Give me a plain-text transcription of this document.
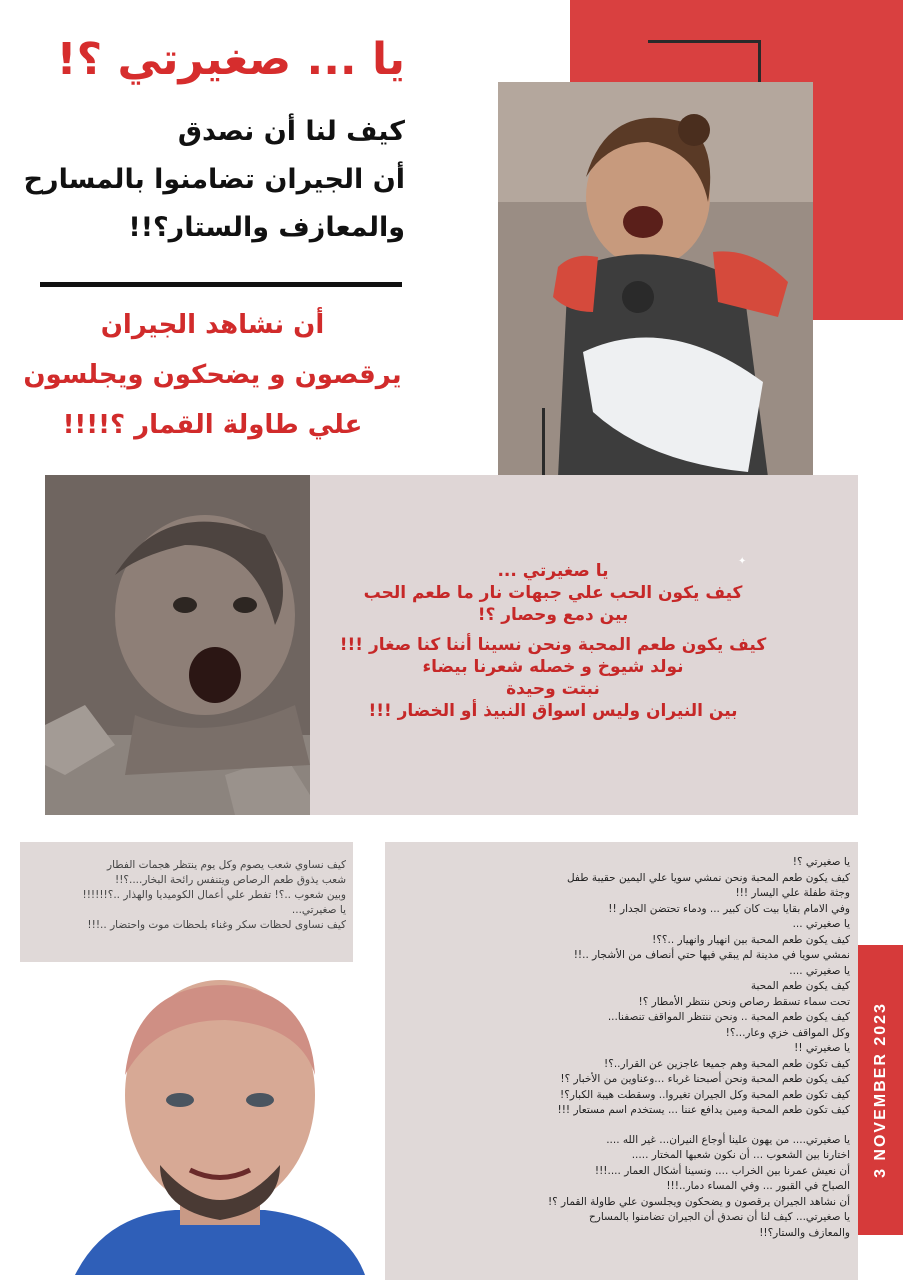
يا ... صغيرتي ؟!
كيف لنا أن نصدق
أن الجيران تضامنوا بالمسارح
والمعازف والستار؟!!
أن نشاهد الجيران
يرقصون و يضحكون ويجلسون
علي طاولة القمار ؟!!!!
✦
يا صغيرتي ...
كيف يكون الحب علي جبهات نار ما طعم الحب
بين دمع وحصار ؟!
كيف يكون طعم المحبة ونحن نسينا أننا كنا صغار !!!
نولد شيوخ و خصله شعرنا بيضاء
نبتت وحيدة
بين النيران وليس اسواق النبيذ أو الخضار !!!
كيف نساوي شعب يصوم وكل يوم ينتظر هجمات الفطار
شعب يذوق طعم الرصاص ويتنفس رائحة البخار....؟!!
وبين شعوب ..؟! تفطر علي أعمال الكوميديا والهذار ..؟!!!!!!
يا صغيرتي...
كيف نساوى لحظات سكر وغناء بلحظات موت واحتضار ..!!!
يا صغيرتي ؟!
كيف يكون طعم المحبة ونحن نمشي سويا علي اليمين حقيبة طفل
وجثة طفلة علي اليسار !!!
وفي الامام بقايا بيت كان كبير ... ودماء تحتضن الجدار !!
يا صغيرتي ...
كيف يكون طعم المحبة بين انهيار وانهيار ..؟؟!
نمشي سويا في مدينة لم يبقي فيها حتي أنصاف من الأشجار ..!!
يا صغيرتي ....
كيف يكون طعم المحبة
تحت سماء تسقط رصاص ونحن ننتظر الأمطار ؟!
كيف يكون طعم المحبة .. ونحن ننتظر المواقف تنصفنا...
وكل المواقف خزي وعار...؟!
يا صغيرتي !!
كيف تكون طعم المحبة وهم جميعا عاجزين عن القرار..؟!
كيف يكون طعم المحبة ونحن أصبحنا غرباء ...وعناوين من الأخبار ؟!
كيف تكون طعم المحبة وكل الجيران تغيروا.. وسقطت هيبة الكبار؟!
كيف تكون طعم المحبة ومين يدافع عننا ... يستخدم اسم مستعار !!!
يا صغيرتي.... من يهون علينا أوجاع النيران... غير الله ....
اختارنا بين الشعوب ... أن نكون شعبها المختار .....
أن نعيش عمرنا بين الخراب .... ونسينا أشكال العمار ....!!!
الصباح في القبور ... وفي المساء دمار..!!!
أن نشاهد الجيران يرقصون و يضحكون ويجلسون علي طاولة القمار ؟!
يا صغيرتي... كيف لنا أن نصدق أن الجيران تضامنوا بالمسارح
والمعازف والستار؟!!
3 NOVEMBER 2023
